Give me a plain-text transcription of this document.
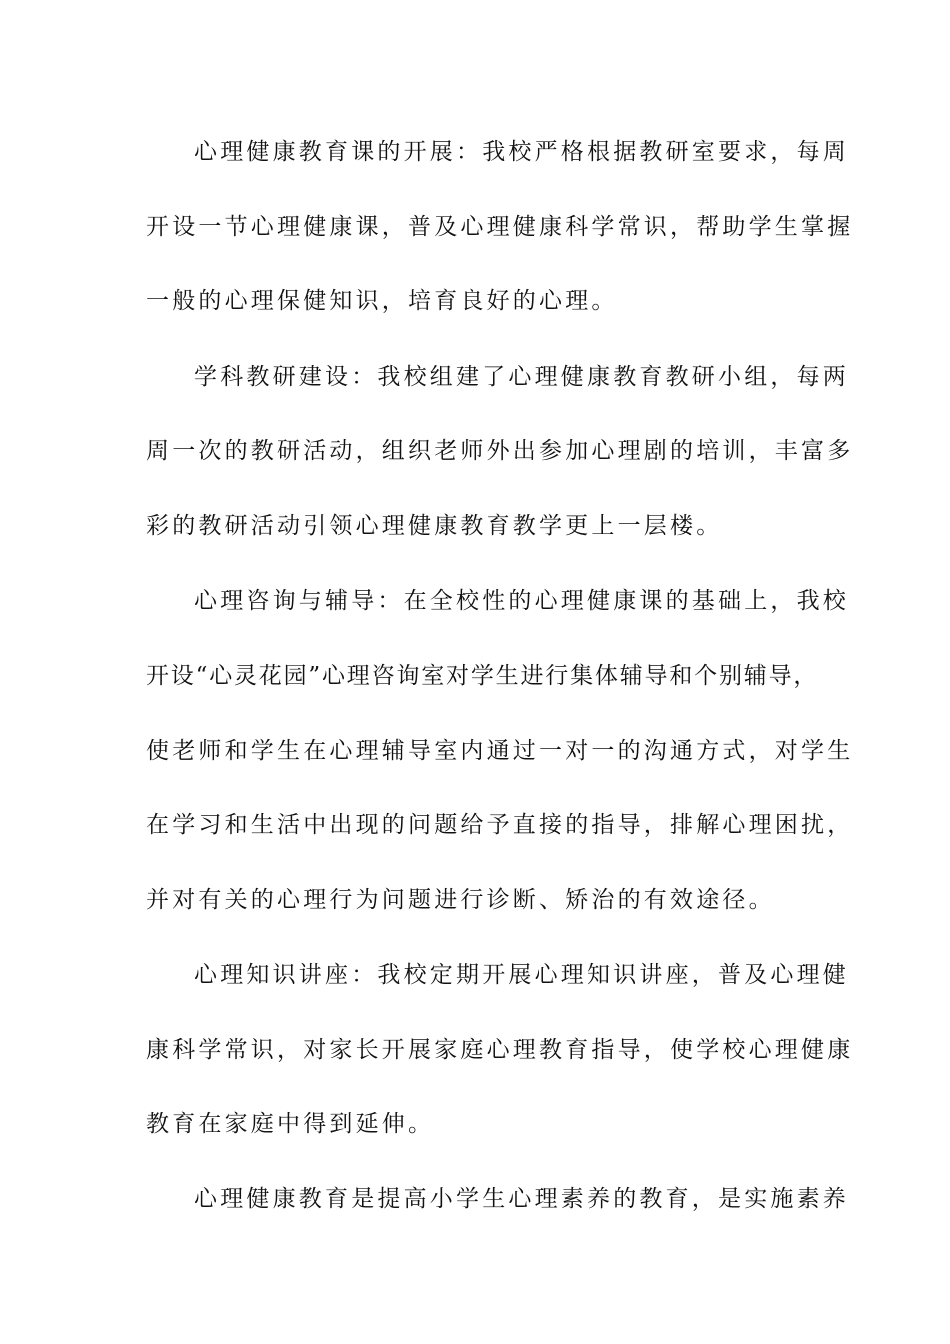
心理健康教育课的开展：我校严格根据教研室要求，每周
开设一节心理健康课，普及心理健康科学常识，帮助学生掌握
一般的心理保健知识，培育良好的心理。
学科教研建设：我校组建了心理健康教育教研小组，每两
周一次的教研活动，组织老师外出参加心理剧的培训，丰富多
彩的教研活动引领心理健康教育教学更上一层楼。
心理咨询与辅导：在全校性的心理健康课的基础上，我校
开设“心灵花园”心理咨询室对学生进行集体辅导和个别辅导，
使老师和学生在心理辅导室内通过一对一的沟通方式，对学生
在学习和生活中出现的问题给予直接的指导，排解心理困扰，
并对有关的心理行为问题进行诊断、矫治的有效途径。
心理知识讲座：我校定期开展心理知识讲座，普及心理健
康科学常识，对家长开展家庭心理教育指导，使学校心理健康
教育在家庭中得到延伸。
心理健康教育是提高小学生心理素养的教育，是实施素养
